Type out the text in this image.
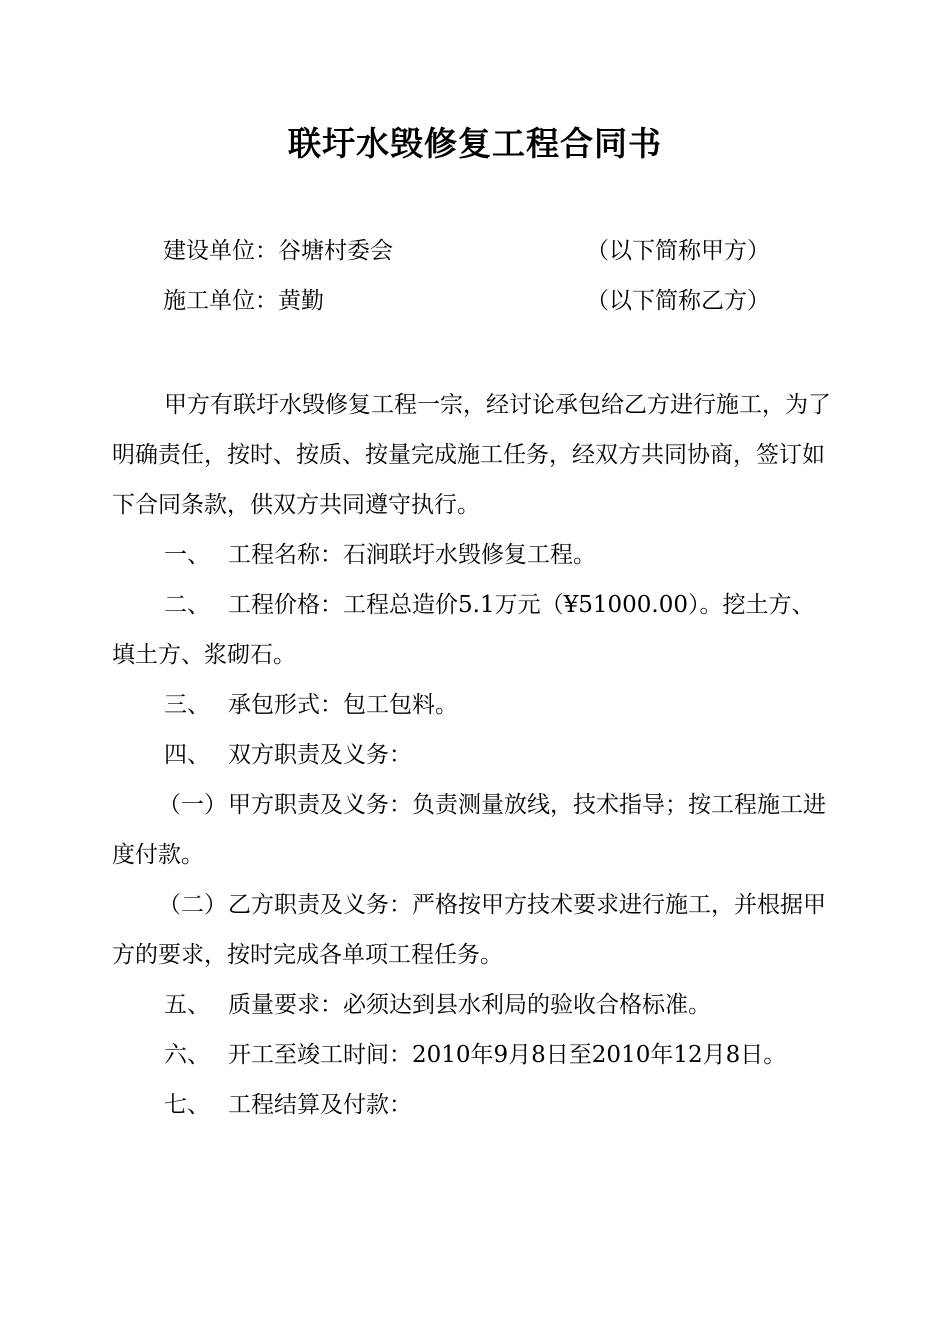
联圩水毁修复工程合同书
建设单位：谷塘村委会	（以下简称甲方）
施工单位：黄勤	（以下简称乙方）

甲方有联圩水毁修复工程一宗，经讨论承包给乙方进行施工，为了明确责任，按时、按质、按量完成施工任务，经双方共同协商，签订如下合同条款，供双方共同遵守执行。

一、 工程名称：石涧联圩水毁修复工程。

二、 工程价格：工程总造价5.1万元（¥51000.00）。挖土方、 填土方、浆砌石。

三、 承包形式：包工包料。

四、 双方职责及义务：

（一）甲方职责及义务：负责测量放线，技术指导；按工程施工进度付款。

（二）乙方职责及义务：严格按甲方技术要求进行施工，并根据甲方的要求，按时完成各单项工程任务。

五、 质量要求：必须达到县水利局的验收合格标准。

六、 开工至竣工时间：2010年9月8日至2010年12月8日。

七、 工程结算及付款：
